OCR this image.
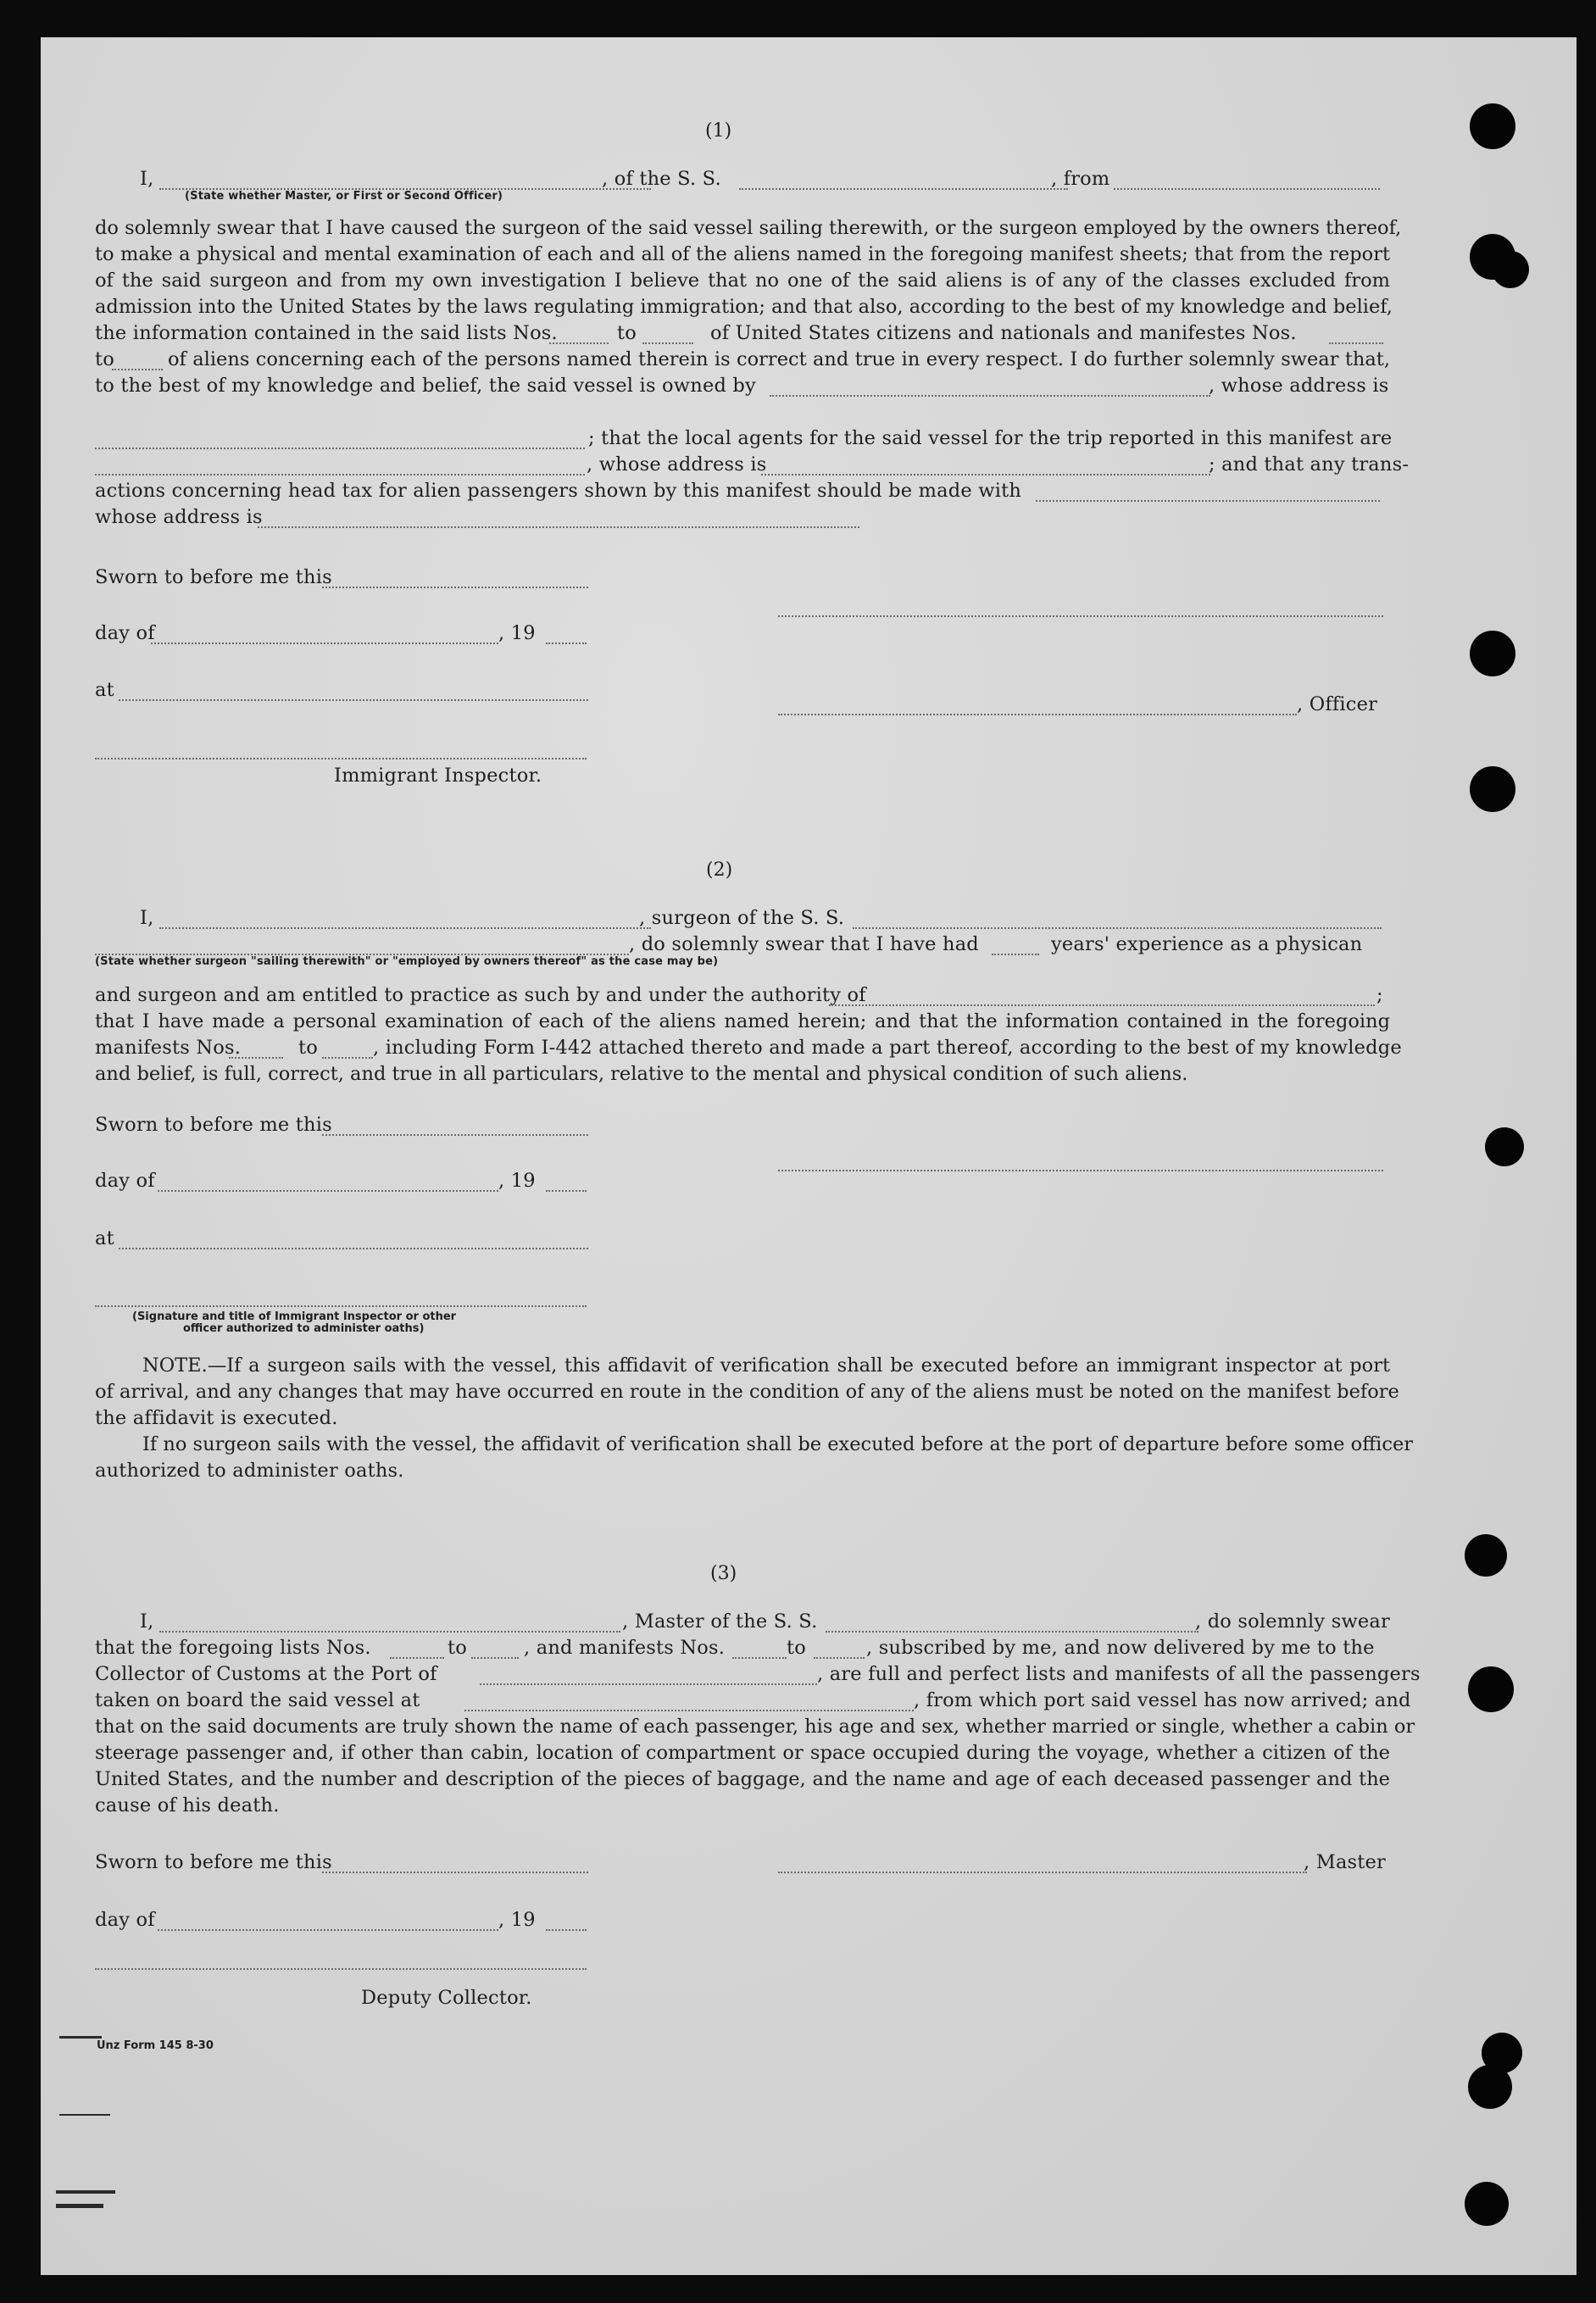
(1)
I,	, of the S. S.	, from
(State whether Master, or First or Second Officer)
do solemnly swear that I have caused the surgeon of the said vessel sailing therewith, or the surgeon employed by the owners thereof,
to make a physical and mental examination of each and all of the aliens named in the foregoing manifest sheets; that from the report
of the said surgeon and from my own investigation I believe that no one of the said aliens is of any of the classes excluded from
admission into the United States by the laws regulating immigration; and that also, according to the best of my knowledge and belief,
the information contained in the said lists Nos.	to	of United States citizens and nationals and manifestes Nos.
to	of aliens concerning each of the persons named therein is correct and true in every respect. I do further solemnly swear that,
to the best of my knowledge and belief, the said vessel is owned by	, whose address is
; that the local agents for the said vessel for the trip reported in this manifest are
, whose address is	; and that any trans-
actions concerning head tax for alien passengers shown by this manifest should be made with
whose address is
Sworn to before me this
day of	, 19
at
, Officer
Immigrant Inspector.
(2)
I,	, surgeon of the S. S.
, do solemnly swear that I have had	years' experience as a physican
(State whether surgeon "sailing therewith" or "employed by owners thereof" as the case may be)
and surgeon and am entitled to practice as such by and under the authority of	;
that I have made a personal examination of each of the aliens named herein; and that the information contained in the foregoing
manifests Nos.	to	, including Form I-442 attached thereto and made a part thereof, according to the best of my knowledge
and belief, is full, correct, and true in all particulars, relative to the mental and physical condition of such aliens.
Sworn to before me this
day of	, 19
at
(Signature and title of Immigrant Inspector or other
officer authorized to administer oaths)
NOTE.—If a surgeon sails with the vessel, this affidavit of verification shall be executed before an immigrant inspector at port
of arrival, and any changes that may have occurred en route in the condition of any of the aliens must be noted on the manifest before
the affidavit is executed.
If no surgeon sails with the vessel, the affidavit of verification shall be executed before at the port of departure before some officer
authorized to administer oaths.
(3)
I,	, Master of the S. S.	, do solemnly swear
that the foregoing lists Nos.	to	, and manifests Nos.	to	, subscribed by me, and now delivered by me to the
Collector of Customs at the Port of	, are full and perfect lists and manifests of all the passengers
taken on board the said vessel at	, from which port said vessel has now arrived; and
that on the said documents are truly shown the name of each passenger, his age and sex, whether married or single, whether a cabin or
steerage passenger and, if other than cabin, location of compartment or space occupied during the voyage, whether a citizen of the
United States, and the number and description of the pieces of baggage, and the name and age of each deceased passenger and the
cause of his death.
Sworn to before me this	, Master
day of	, 19
Deputy Collector.
Unz Form 145 8-30
